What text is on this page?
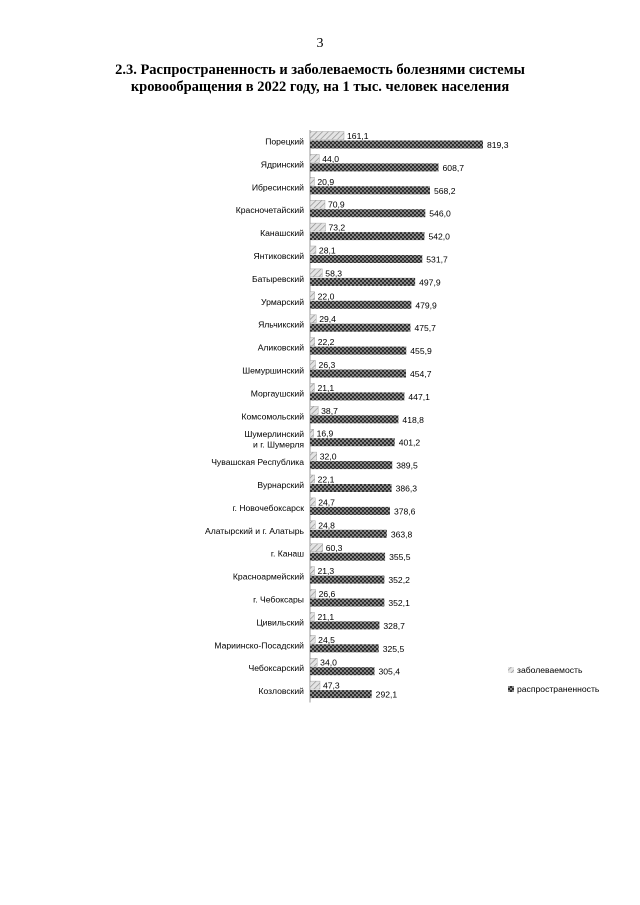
3
2.3. Распространенность и заболеваемость болезнями системы
кровообращения в 2022 году, на 1 тыс. человек населения
Порецкий
161,1
819,3
Ядринский
44,0
608,7
Ибресинский
20,9
568,2
Красночетайский
70,9
546,0
Канашский
73,2
542,0
Янтиковский
28,1
531,7
Батыревский
58,3
497,9
Урмарский
22,0
479,9
Яльчикский
29,4
475,7
Аликовский
22,2
455,9
Шемуршинский
26,3
454,7
Моргаушский
21,1
447,1
Комсомольский
38,7
418,8
Шумерлинский и г. Шумерля
16,9
401,2
Чувашская Республика
32,0
389,5
Вурнарский
22,1
386,3
г. Новочебоксарск
24,7
378,6
Алатырский и г. Алатырь
24,8
363,8
г. Канаш
60,3
355,5
Красноармейский
21,3
352,2
г. Чебоксары
26,6
352,1
Цивильский
21,1
328,7
Мариинско-Посадский
24,5
325,5
Чебоксарский
34,0
305,4
Козловский
47,3
292,1
заболеваемость
распространенность
